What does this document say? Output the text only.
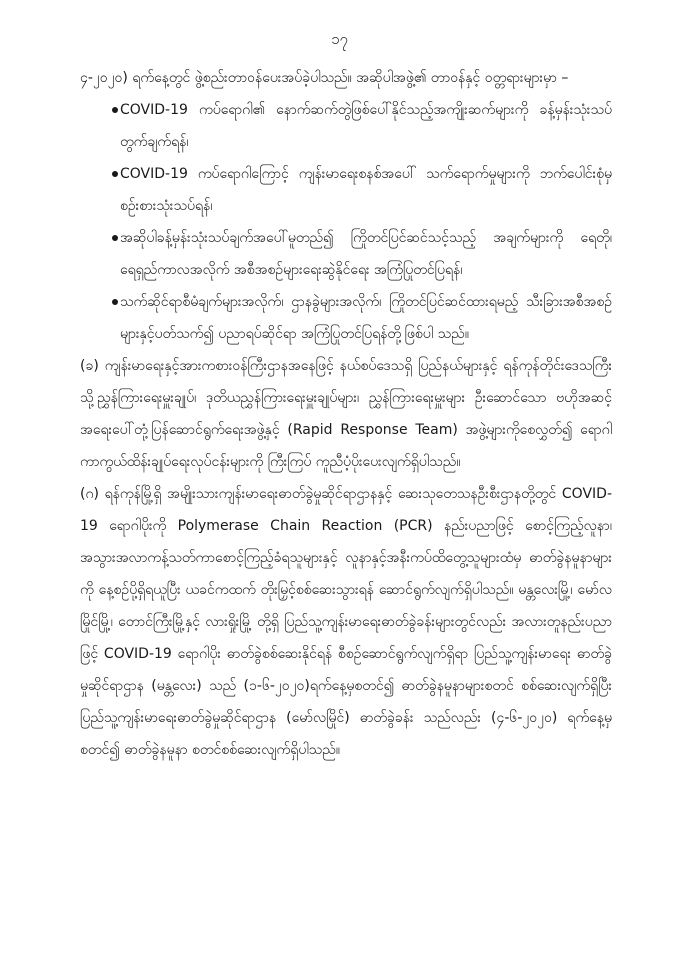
၁၇

၄-၂၀၂၀) ရက်နေ့တွင် ဖွဲ့စည်းတာဝန်ပေးအပ်ခဲ့ပါသည်။ အဆိုပါအဖွဲ့၏ တာဝန်နှင့် ဝတ္တရားများမှာ –

COVID-19 ကပ်ရောဂါ၏ နောက်ဆက်တွဲဖြစ်ပေါ်နိုင်သည့်အကျိုးဆက်များကို ခန့်မှန်းသုံးသပ်တွက်ချက်ရန်၊
COVID-19 ကပ်ရောဂါကြောင့် ကျန်းမာရေးစနစ်အပေါ် သက်ရောက်မှုများကို ဘက်ပေါင်းစုံမှ စဉ်းစားသုံးသပ်ရန်၊
အဆိုပါခန့်မှန်းသုံးသပ်ချက်အပေါ်မူတည်၍ ကြိုတင်ပြင်ဆင်သင့်သည့် အချက်များကို ရေတို၊ ရေရှည်ကာလအလိုက် အစီအစဉ်များရေးဆွဲနိုင်ရေး အကြံပြုတင်ပြရန်၊
သက်ဆိုင်ရာစီမံချက်များအလိုက်၊ ဌာနခွဲများအလိုက်၊ ကြိုတင်ပြင်ဆင်ထားရမည့် သီးခြားအစီအစဉ်များနှင့်ပတ်သက်၍ ပညာရပ်ဆိုင်ရာ အကြံပြုတင်ပြရန်တို့ဖြစ်ပါ သည်။

(ခ) ကျန်းမာရေးနှင့်အားကစားဝန်ကြီးဌာနအနေဖြင့် နယ်စပ်ဒေသရှိ ပြည်နယ်များနှင့် ရန်ကုန်တိုင်းဒေသကြီးသို့ညွှန်ကြားရေးမှူးချုပ်၊ ဒုတိယညွှန်ကြားရေးမှူးချုပ်များ၊ ညွှန်ကြားရေးမှူးများ ဦးဆောင်သော ဗဟိုအဆင့် အရေးပေါ်တုံ့ပြန်ဆောင်ရွက်ရေးအဖွဲ့နှင့် (Rapid Response Team) အဖွဲ့များကိုစေလွှတ်၍ ရောဂါကာကွယ်ထိန်းချုပ်ရေးလုပ်ငန်းများကို ကြီးကြပ် ကူညီပံ့ပိုးပေးလျက်ရှိပါသည်။

(ဂ) ရန်ကုန်မြို့ရှိ အမျိုးသားကျန်းမာရေးဓာတ်ခွဲမှုဆိုင်ရာဌာနနှင့် ဆေးသုတေသနဦးစီးဌာနတို့တွင် COVID-19 ရောဂါပိုးကို Polymerase Chain Reaction (PCR) နည်းပညာဖြင့် စောင့်ကြည့်လူနာ၊ အသွားအလာကန့်သတ်ကာစောင့်ကြည့်ခံရသူများနှင့် လူနာနှင့်အနီးကပ်ထိတွေ့သူများထံမှ ဓာတ်ခွဲနမူနာများကို နေ့စဉ်ပို့ရှိရယူပြီး ယခင်ကထက် တိုးမြှင့်စစ်ဆေးသွားရန် ဆောင်ရွက်လျက်ရှိပါသည်။ မန္တလေးမြို့၊ မော်လမြိုင်မြို့၊ တောင်ကြီးမြို့နှင့် လားရှိုးမြို့ တို့ရှိ ပြည်သူ့ကျန်းမာရေးဓာတ်ခွဲခန်းများတွင်လည်း အလားတူနည်းပညာဖြင့် COVID-19 ရောဂါပိုး ဓာတ်ခွဲစစ်ဆေးနိုင်ရန် စီစဉ်ဆောင်ရွက်လျက်ရှိရာ ပြည်သူ့ကျန်းမာရေး ဓာတ်ခွဲ မှုဆိုင်ရာဌာန (မန္တလေး) သည် (၁-၆-၂၀၂၀)ရက်နေ့မှစတင်၍ ဓာတ်ခွဲနမူနာများစတင် စစ်ဆေးလျက်ရှိပြီး ပြည်သူ့ကျန်းမာရေးဓာတ်ခွဲမှုဆိုင်ရာဌာန (မော်လမြိုင်) ဓာတ်ခွဲခန်း သည်လည်း (၄-၆-၂၀၂၀) ရက်နေ့မှစတင်၍ ဓာတ်ခွဲနမူနာ စတင်စစ်ဆေးလျက်ရှိပါသည်။
